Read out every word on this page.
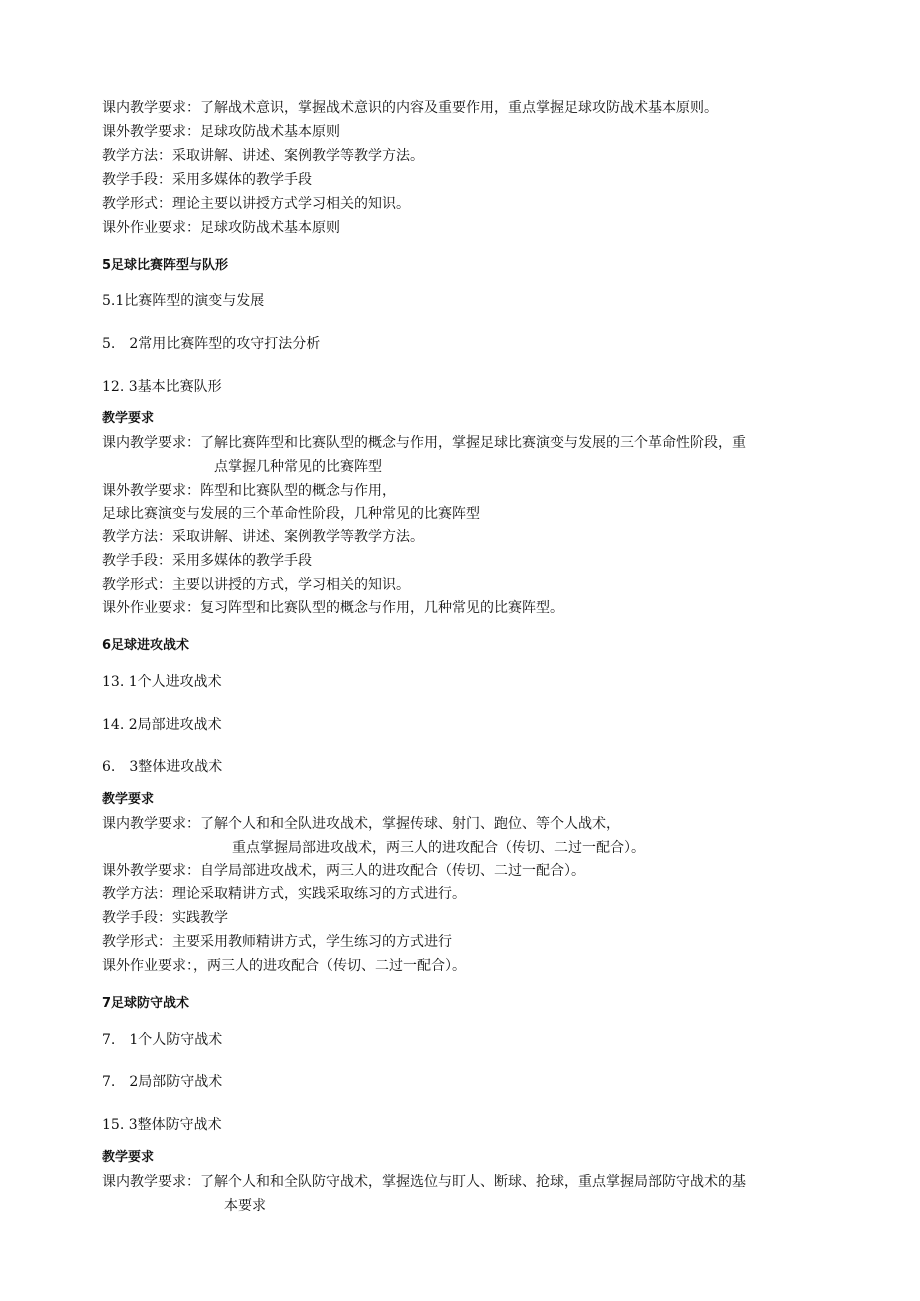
课内教学要求：了解战术意识，掌握战术意识的内容及重要作用，重点掌握足球攻防战术基本原则。
课外教学要求：足球攻防战术基本原则
教学方法：采取讲解、讲述、案例教学等教学方法。
教学手段：采用多媒体的教学手段
教学形式：理论主要以讲授方式学习相关的知识。
课外作业要求：足球攻防战术基本原则
5足球比赛阵型与队形
5.1比赛阵型的演变与发展
5.　2常用比赛阵型的攻守打法分析
12. 3基本比赛队形
教学要求
课内教学要求：了解比赛阵型和比赛队型的概念与作用，掌握足球比赛演变与发展的三个革命性阶段，重
点掌握几种常见的比赛阵型
课外教学要求：阵型和比赛队型的概念与作用，
足球比赛演变与发展的三个革命性阶段，几种常见的比赛阵型
教学方法：采取讲解、讲述、案例教学等教学方法。
教学手段：采用多媒体的教学手段
教学形式：主要以讲授的方式，学习相关的知识。
课外作业要求：复习阵型和比赛队型的概念与作用，几种常见的比赛阵型。
6足球进攻战术
13. 1个人进攻战术
14. 2局部进攻战术
6.　3整体进攻战术
教学要求
课内教学要求：了解个人和和全队进攻战术，掌握传球、射门、跑位、等个人战术，
重点掌握局部进攻战术，两三人的进攻配合（传切、二过一配合）。
课外教学要求：自学局部进攻战术，两三人的进攻配合（传切、二过一配合）。
教学方法：理论采取精讲方式，实践采取练习的方式进行。
教学手段：实践教学
教学形式：主要采用教师精讲方式，学生练习的方式进行
课外作业要求：，两三人的进攻配合（传切、二过一配合）。
7足球防守战术
7.　1个人防守战术
7.　2局部防守战术
15. 3整体防守战术
教学要求
课内教学要求：了解个人和和全队防守战术，掌握选位与盯人、断球、抢球，重点掌握局部防守战术的基
本要求
